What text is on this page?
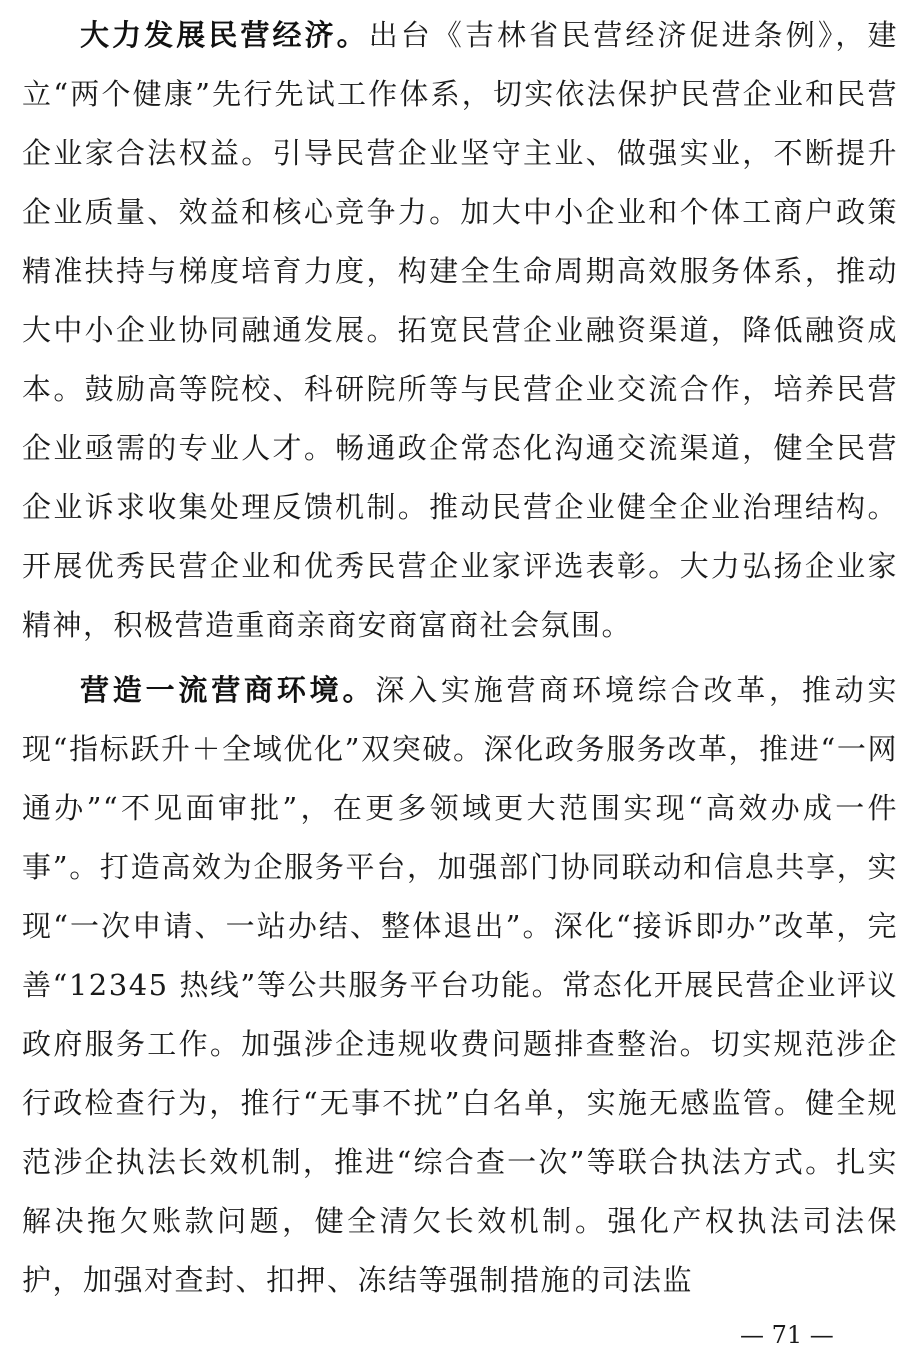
大力发展民营经济。出台《吉林省民营经济促进条例》，建立“两个健康”先行先试工作体系，切实依法保护民营企业和民营企业家合法权益。引导民营企业坚守主业、做强实业，不断提升企业质量、效益和核心竞争力。加大中小企业和个体工商户政策精准扶持与梯度培育力度，构建全生命周期高效服务体系，推动大中小企业协同融通发展。拓宽民营企业融资渠道，降低融资成本。鼓励高等院校、科研院所等与民营企业交流合作，培养民营企业亟需的专业人才。畅通政企常态化沟通交流渠道，健全民营企业诉求收集处理反馈机制。推动民营企业健全企业治理结构。开展优秀民营企业和优秀民营企业家评选表彰。大力弘扬企业家精神，积极营造重商亲商安商富商社会氛围。

营造一流营商环境。深入实施营商环境综合改革，推动实现“指标跃升＋全域优化”双突破。深化政务服务改革，推进“一网通办”“不见面审批”，在更多领域更大范围实现“高效办成一件事”。打造高效为企服务平台，加强部门协同联动和信息共享，实现“一次申请、一站办结、整体退出”。深化“接诉即办”改革，完善“12345 热线”等公共服务平台功能。常态化开展民营企业评议政府服务工作。加强涉企违规收费问题排查整治。切实规范涉企行政检查行为，推行“无事不扰”白名单，实施无感监管。健全规范涉企执法长效机制，推进“综合查一次”等联合执法方式。扎实解决拖欠账款问题，健全清欠长效机制。强化产权执法司法保护，加强对查封、扣押、冻结等强制措施的司法监

— 71 —
